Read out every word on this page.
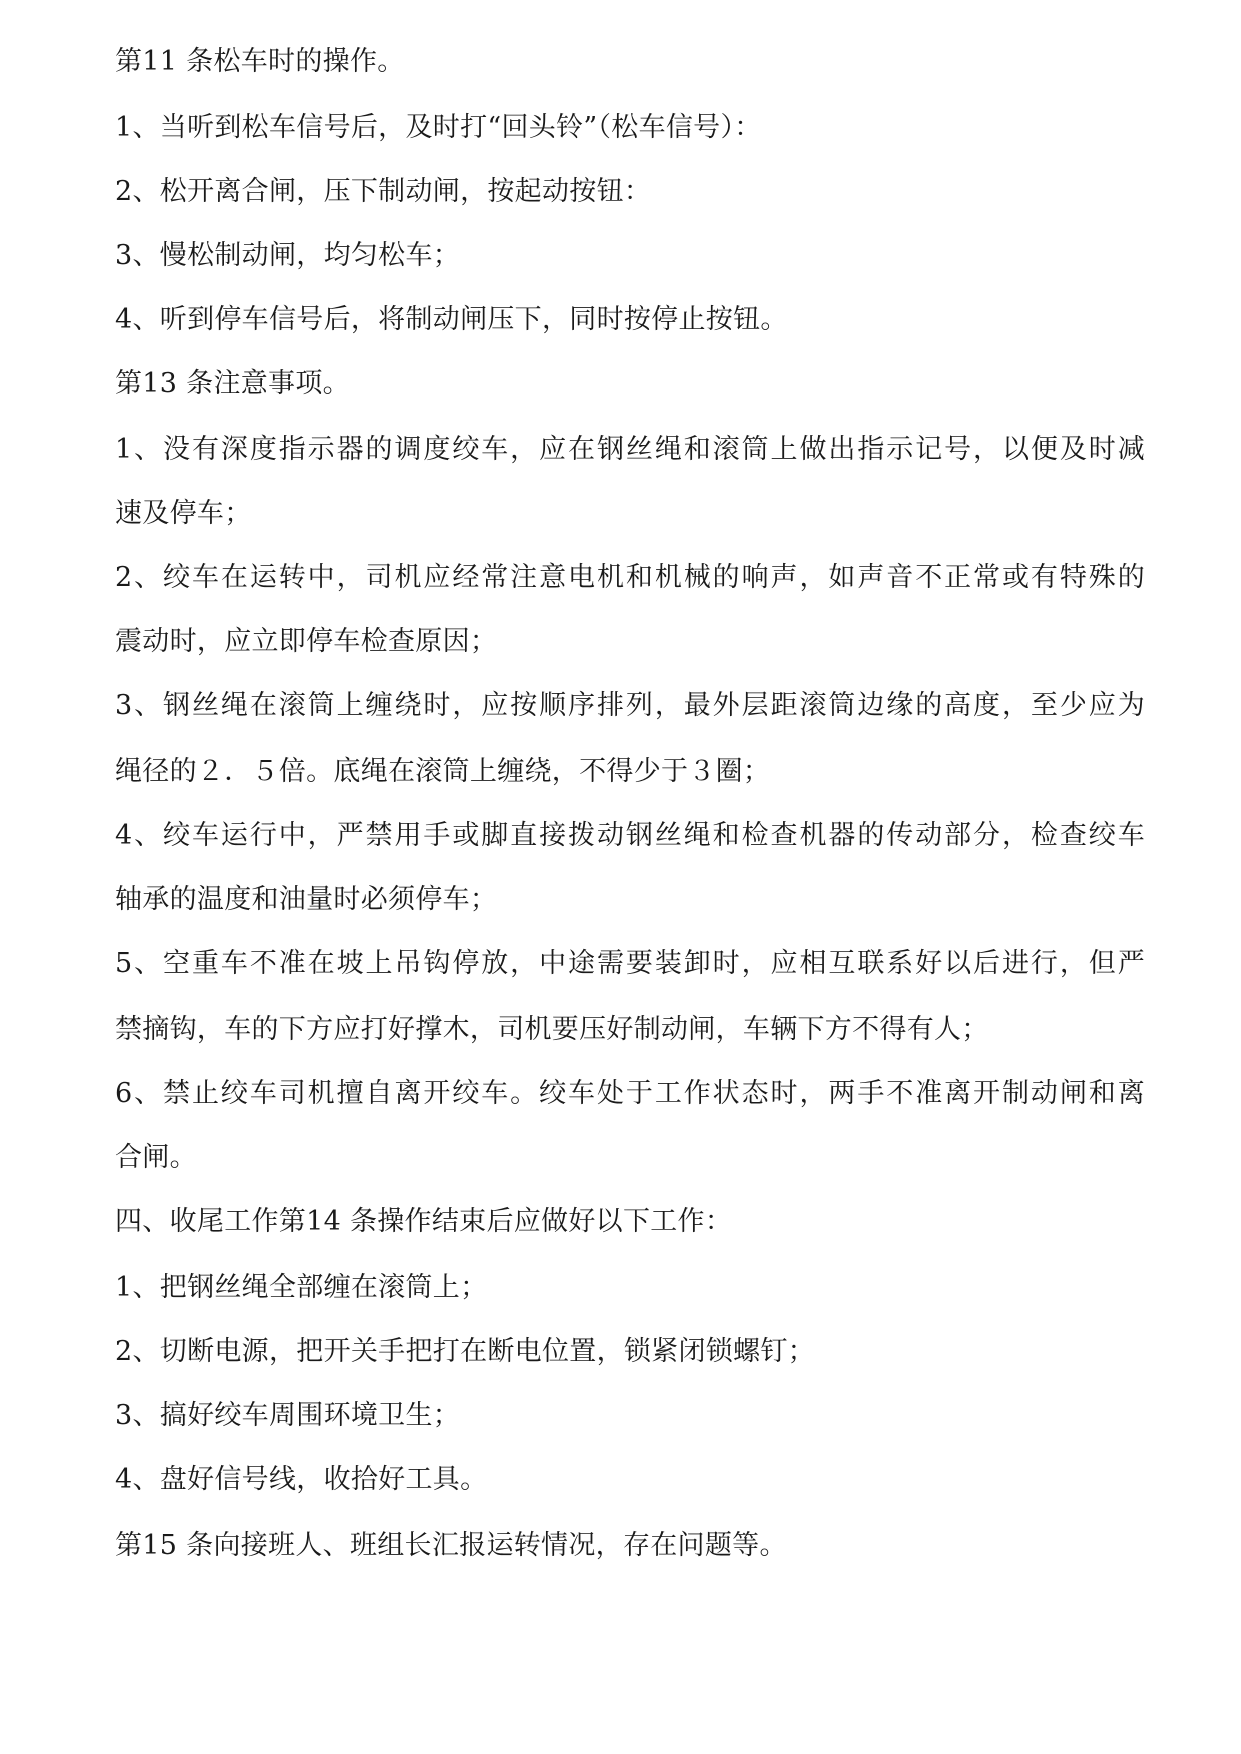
第11 条松车时的操作。
1、当听到松车信号后，及时打“回头铃”（松车信号）：
2、松开离合闸，压下制动闸，按起动按钮：
3、慢松制动闸，均匀松车；
4、听到停车信号后，将制动闸压下，同时按停止按钮。
第13 条注意事项。
1、没有深度指示器的调度绞车，应在钢丝绳和滚筒上做出指示记号，以便及时减
速及停车；
2、绞车在运转中，司机应经常注意电机和机械的响声，如声音不正常或有特殊的
震动时，应立即停车检查原因；
3、钢丝绳在滚筒上缠绕时，应按顺序排列，最外层距滚筒边缘的高度，至少应为
绳径的２．５倍。底绳在滚筒上缠绕，不得少于３圈；
4、绞车运行中，严禁用手或脚直接拨动钢丝绳和检查机器的传动部分，检查绞车
轴承的温度和油量时必须停车；
5、空重车不准在坡上吊钩停放，中途需要装卸时，应相互联系好以后进行，但严
禁摘钩，车的下方应打好撑木，司机要压好制动闸，车辆下方不得有人；
6、禁止绞车司机擅自离开绞车。绞车处于工作状态时，两手不准离开制动闸和离
合闸。
四、收尾工作第14 条操作结束后应做好以下工作：
1、把钢丝绳全部缠在滚筒上；
2、切断电源，把开关手把打在断电位置，锁紧闭锁螺钉；
3、搞好绞车周围环境卫生；
4、盘好信号线，收拾好工具。
第15 条向接班人、班组长汇报运转情况，存在问题等。
